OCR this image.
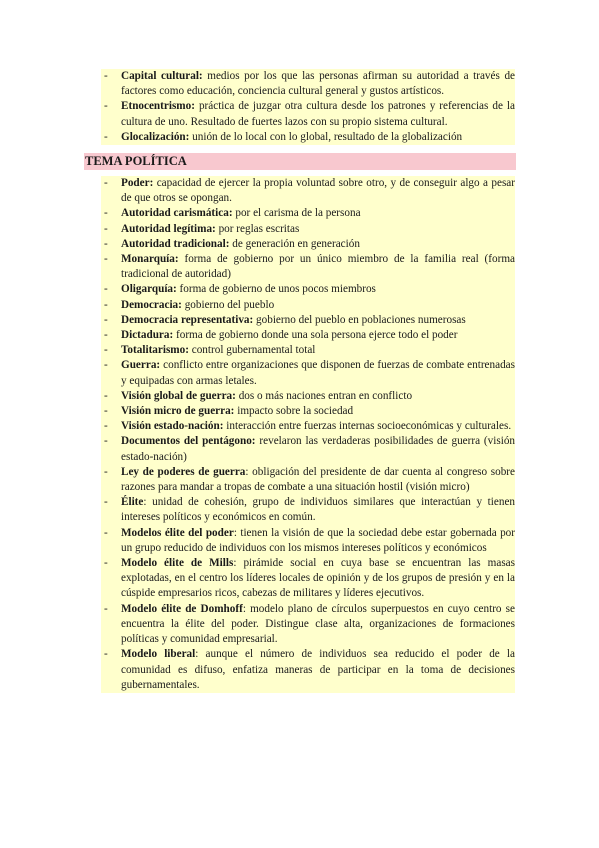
- Capital cultural: medios por los que las personas afirman su autoridad a través de factores como educación, conciencia cultural general y gustos artísticos.
- Etnocentrismo: práctica de juzgar otra cultura desde los patrones y referencias de la cultura de uno. Resultado de fuertes lazos con su propio sistema cultural.
- Glocalización: unión de lo local con lo global, resultado de la globalización
TEMA POLÍTICA
- Poder: capacidad de ejercer la propia voluntad sobre otro, y de conseguir algo a pesar de que otros se opongan.
- Autoridad carismática: por el carisma de la persona
- Autoridad legítima: por reglas escritas
- Autoridad tradicional: de generación en generación
- Monarquía: forma de gobierno por un único miembro de la familia real (forma tradicional de autoridad)
- Oligarquía: forma de gobierno de unos pocos miembros
- Democracia: gobierno del pueblo
- Democracia representativa: gobierno del pueblo en poblaciones numerosas
- Dictadura: forma de gobierno donde una sola persona ejerce todo el poder
- Totalitarismo: control gubernamental total
- Guerra: conflicto entre organizaciones que disponen de fuerzas de combate entrenadas y equipadas con armas letales.
- Visión global de guerra: dos o más naciones entran en conflicto
- Visión micro de guerra: impacto sobre la sociedad
- Visión estado-nación: interacción entre fuerzas internas socioeconómicas y culturales.
- Documentos del pentágono: revelaron las verdaderas posibilidades de guerra (visión estado-nación)
- Ley de poderes de guerra: obligación del presidente de dar cuenta al congreso sobre razones para mandar a tropas de combate a una situación hostil (visión micro)
- Élite: unidad de cohesión, grupo de individuos similares que interactúan y tienen intereses políticos y económicos en común.
- Modelos élite del poder: tienen la visión de que la sociedad debe estar gobernada por un grupo reducido de individuos con los mismos intereses políticos y económicos
- Modelo élite de Mills: pirámide social en cuya base se encuentran las masas explotadas, en el centro los líderes locales de opinión y de los grupos de presión y en la cúspide empresarios ricos, cabezas de militares y líderes ejecutivos.
- Modelo élite de Domhoff: modelo plano de círculos superpuestos en cuyo centro se encuentra la élite del poder. Distingue clase alta, organizaciones de formaciones políticas y comunidad empresarial.
- Modelo liberal: aunque el número de individuos sea reducido el poder de la comunidad es difuso, enfatiza maneras de participar en la toma de decisiones gubernamentales.
